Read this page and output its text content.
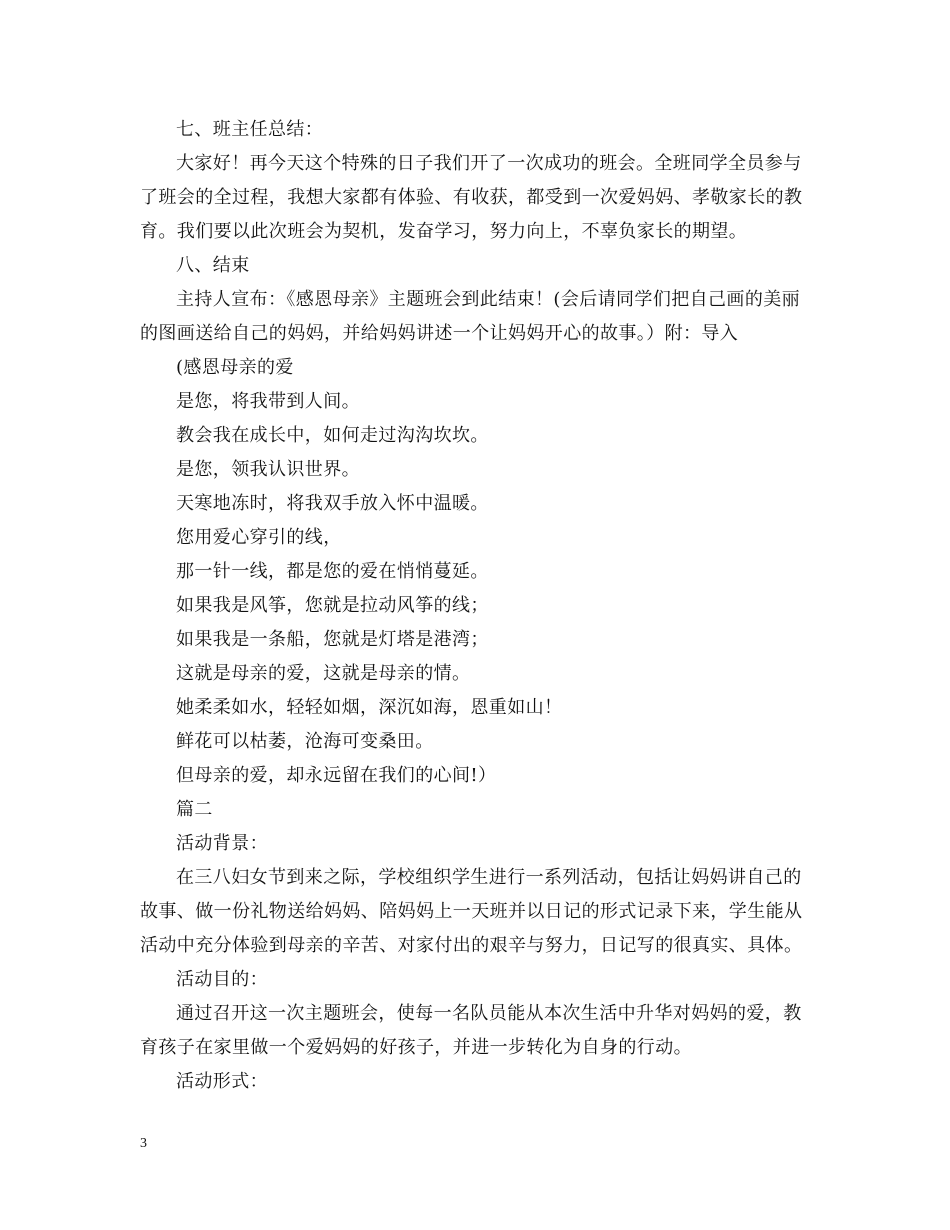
七、班主任总结：
大家好！再今天这个特殊的日子我们开了一次成功的班会。全班同学全员参与
了班会的全过程，我想大家都有体验、有收获，都受到一次爱妈妈、孝敬家长的教
育。我们要以此次班会为契机，发奋学习，努力向上，不辜负家长的期望。
八、结束
主持人宣布：《感恩母亲》主题班会到此结束！(会后请同学们把自己画的美丽
的图画送给自己的妈妈，并给妈妈讲述一个让妈妈开心的故事。）附：导入
(感恩母亲的爱
是您，将我带到人间。
教会我在成长中，如何走过沟沟坎坎。
是您，领我认识世界。
天寒地冻时，将我双手放入怀中温暖。
您用爱心穿引的线，
那一针一线，都是您的爱在悄悄蔓延。
如果我是风筝，您就是拉动风筝的线；
如果我是一条船，您就是灯塔是港湾；
这就是母亲的爱，这就是母亲的情。
她柔柔如水，轻轻如烟，深沉如海，恩重如山！
鲜花可以枯萎，沧海可变桑田。
但母亲的爱，却永远留在我们的心间!）
篇二
活动背景：
在三八妇女节到来之际，学校组织学生进行一系列活动，包括让妈妈讲自己的
故事、做一份礼物送给妈妈、陪妈妈上一天班并以日记的形式记录下来，学生能从
活动中充分体验到母亲的辛苦、对家付出的艰辛与努力，日记写的很真实、具体。
活动目的：
通过召开这一次主题班会，使每一名队员能从本次生活中升华对妈妈的爱，教
育孩子在家里做一个爱妈妈的好孩子，并进一步转化为自身的行动。
活动形式：
3
